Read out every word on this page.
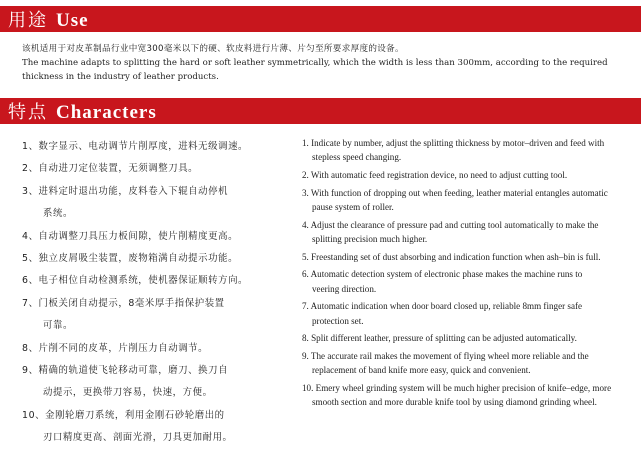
用途 Use
该机适用于对皮革制品行业中宽300毫米以下的硬、软皮料进行片薄、片匀至所要求厚度的设备。
The machine adapts to splitting the hard or soft leather symmetrically, which the width is less than 300mm, according to the required
thickness in the industry of leather products.
特点 Characters
1、数字显示、电动调节片削厚度，进料无级调速。
2、自动进刀定位装置，无须调整刀具。
3、进料定时退出功能，皮料卷入下辊自动停机
系统。
4、自动调整刀具压力板间隙，使片削精度更高。
5、独立皮屑吸尘装置，废物箱满自动提示功能。
6、电子相位自动检测系统，使机器保证顺转方向。
7、门板关闭自动提示，8毫米厚手指保护装置
可靠。
8、片削不同的皮革，片削压力自动调节。
9、精确的轨道使飞轮移动可靠，磨刀、换刀自
动提示，更换带刀容易，快速，方便。
10、金刚轮磨刀系统，利用金刚石砂轮磨出的
刃口精度更高、剖面光滑，刀具更加耐用。
1. Indicate by number, adjust the splitting thickness by motor–driven and feed with
stepless speed changing.
2. With automatic feed registration device, no need to adjust cutting tool.
3. With function of dropping out when feeding, leather material entangles automatic
pause system of roller.
4. Adjust the clearance of pressure pad and cutting tool automatically to make the
splitting precision much higher.
5. Freestanding set of dust absorbing and indication function when ash–bin is full.
6. Automatic detection system of electronic phase makes the machine runs to
veering direction.
7. Automatic indication when door board closed up, reliable 8mm finger safe
protection set.
8. Split different leather, pressure of splitting can be adjusted automatically.
9. The accurate rail makes the movement of flying wheel more reliable and the
replacement of band knife more easy, quick and convenient.
10. Emery wheel grinding system will be much higher precision of knife–edge, more
smooth section and more durable knife tool by using diamond grinding wheel.
